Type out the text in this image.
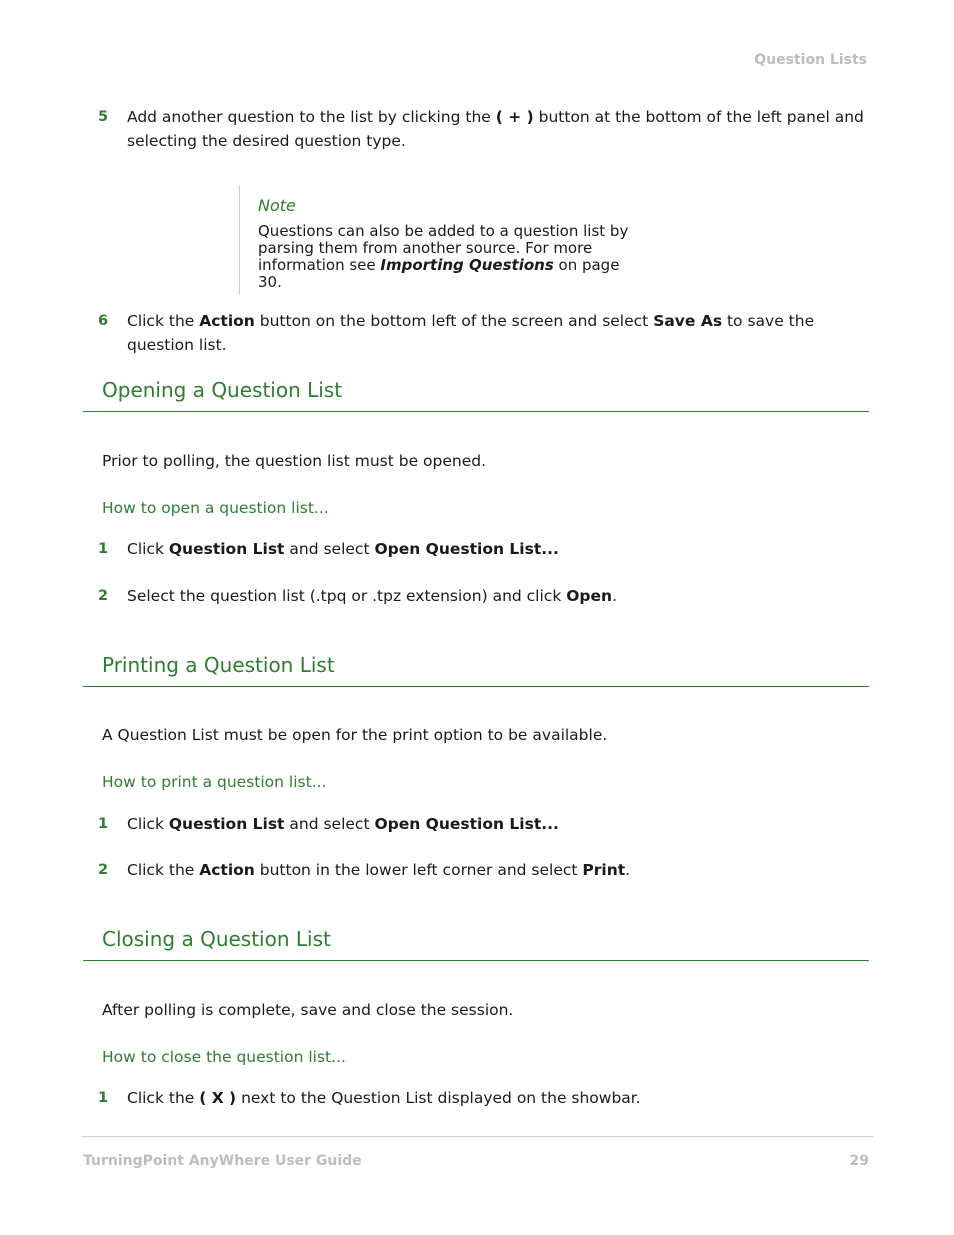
Question Lists
5 Add another question to the list by clicking the ( + ) button at the bottom of the left panel and selecting the desired question type.
Note
Questions can also be added to a question list by
parsing them from another source. For more
information see Importing Questions on page 30.
6 Click the Action button on the bottom left of the screen and select Save As to save the question list.
Opening a Question List
Prior to polling, the question list must be opened.
How to open a question list...
1 Click Question List and select Open Question List...
2 Select the question list (.tpq or .tpz extension) and click Open.
Printing a Question List
A Question List must be open for the print option to be available.
How to print a question list...
1 Click Question List and select Open Question List...
2 Click the Action button in the lower left corner and select Print.
Closing a Question List
After polling is complete, save and close the session.
How to close the question list...
1 Click the ( X ) next to the Question List displayed on the showbar.
TurningPoint AnyWhere User Guide	29
